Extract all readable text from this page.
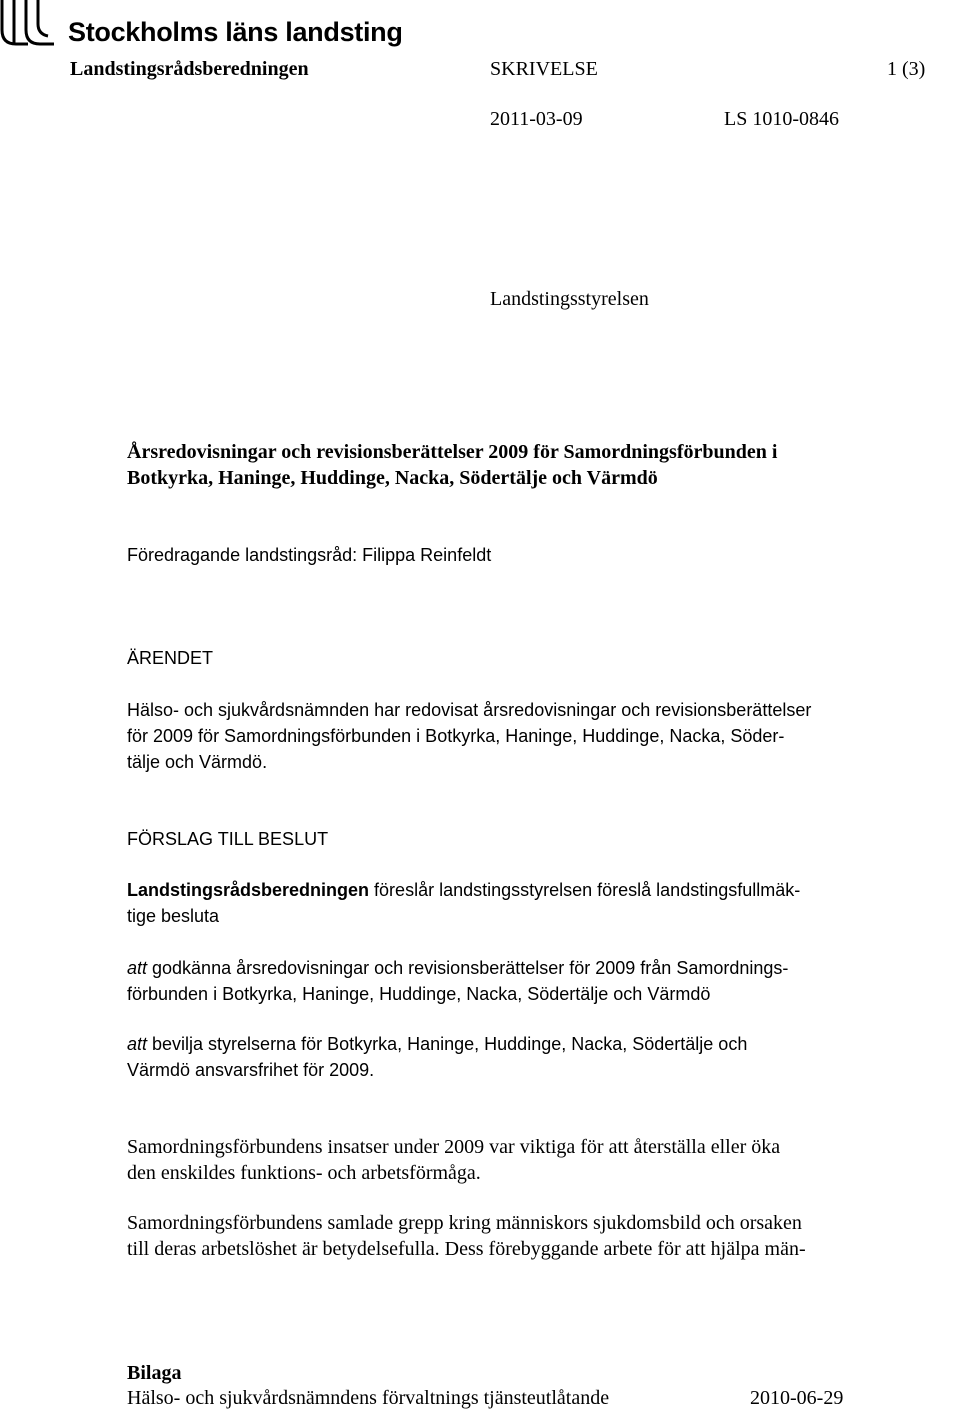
Stockholms läns landsting
Landstingsrådsberedningen	SKRIVELSE	1 (3)
2011-03-09	LS 1010-0846
Landstingsstyrelsen
Årsredovisningar och revisionsberättelser 2009 för Samordningsförbunden i
Botkyrka, Haninge, Huddinge, Nacka, Södertälje och Värmdö
Föredragande landstingsråd: Filippa Reinfeldt
ÄRENDET
Hälso- och sjukvårdsnämnden har redovisat årsredovisningar och revisionsberättelser
för 2009 för Samordningsförbunden i Botkyrka, Haninge, Huddinge, Nacka, Söder-
tälje och Värmdö.
FÖRSLAG TILL BESLUT
Landstingsrådsberedningen föreslår landstingsstyrelsen föreslå landstingsfullmäk-
tige besluta
att godkänna årsredovisningar och revisionsberättelser för 2009 från Samordnings-
förbunden i Botkyrka, Haninge, Huddinge, Nacka, Södertälje och Värmdö
att bevilja styrelserna för Botkyrka, Haninge, Huddinge, Nacka, Södertälje och
Värmdö ansvarsfrihet för 2009.
Samordningsförbundens insatser under 2009 var viktiga för att återställa eller öka
den enskildes funktions- och arbetsförmåga.
Samordningsförbundens samlade grepp kring människors sjukdomsbild och orsaken
till deras arbetslöshet är betydelsefulla. Dess förebyggande arbete för att hjälpa män-
Bilaga
Hälso- och sjukvårdsnämndens förvaltnings tjänsteutlåtande	2010-06-29
